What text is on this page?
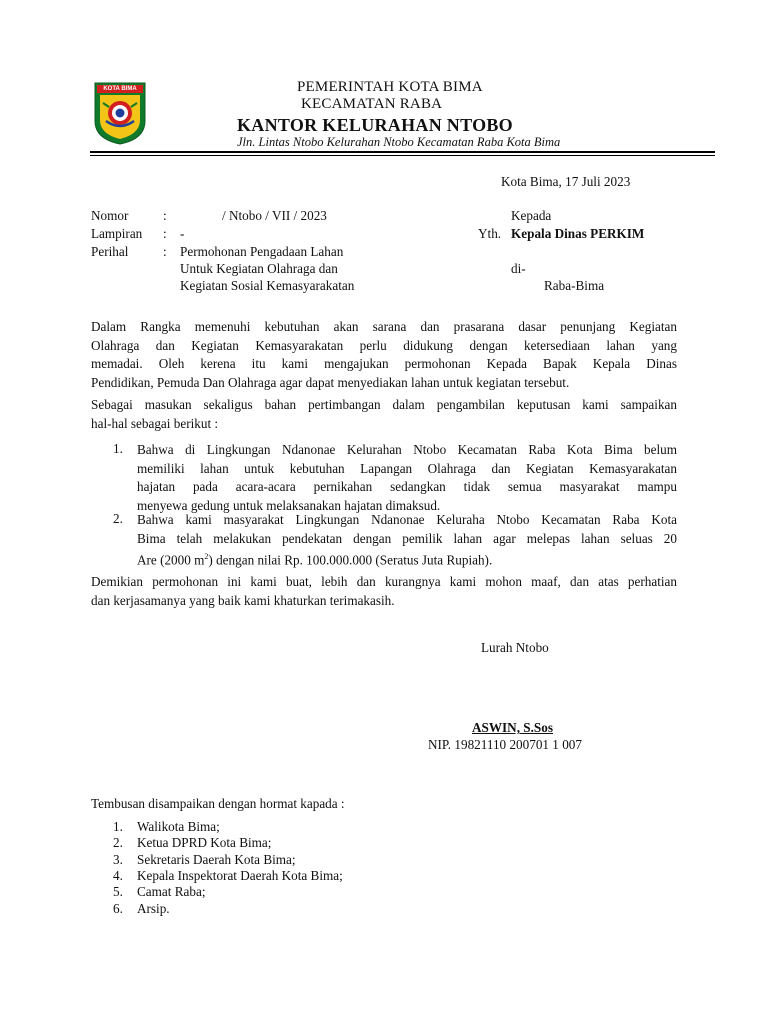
KOTA BIMA	PEMERINTAH KOTA BIMA
KECAMATAN RABA
KANTOR KELURAHAN NTOBO
Jln. Lintas Ntobo Kelurahan Ntobo Kecamatan Raba Kota Bima
Kota Bima, 17 Juli 2023
Nomor	:	/ Ntobo / VII / 2023
Lampiran : -
Perihal	: Permohonan Pengadaan Lahan
Untuk Kegiatan Olahraga dan
Kegiatan Sosial Kemasyarakatan
Kepada
Yth. Kepala Dinas PERKIM
di-
Raba-Bima
Dalam Rangka memenuhi kebutuhan akan sarana dan prasarana dasar penunjang Kegiatan
Olahraga dan Kegiatan Kemasyarakatan perlu didukung dengan ketersediaan lahan yang
memadai. Oleh kerena itu kami mengajukan permohonan Kepada Bapak Kepala Dinas
Pendidikan, Pemuda Dan Olahraga agar dapat menyediakan lahan untuk kegiatan tersebut.
Sebagai masukan sekaligus bahan pertimbangan dalam pengambilan keputusan kami sampaikan
hal-hal sebagai berikut :
1. Bahwa di Lingkungan Ndanonae Kelurahan Ntobo Kecamatan Raba Kota Bima belum
memiliki lahan untuk kebutuhan Lapangan Olahraga dan Kegiatan Kemasyarakatan
hajatan pada acara-acara pernikahan sedangkan tidak semua masyarakat mampu
menyewa gedung untuk melaksanakan hajatan dimaksud.
2. Bahwa kami masyarakat Lingkungan Ndanonae Keluraha Ntobo Kecamatan Raba Kota
Bima telah melakukan pendekatan dengan pemilik lahan agar melepas lahan seluas 20
Are (2000 $m^2$) dengan nilai Rp. 100.000.000 (Seratus Juta Rupiah).
Demikian permohonan ini kami buat, lebih dan kurangnya kami mohon maaf, dan atas perhatian
dan kerjasamanya yang baik kami khaturkan terimakasih.
Lurah Ntobo
ASWIN, S.Sos
NIP. 19821110 200701 1 007
Tembusan disampaikan dengan hormat kapada :
1. Walikota Bima;
2. Ketua DPRD Kota Bima;
3. Sekretaris Daerah Kota Bima;
4. Kepala Inspektorat Daerah Kota Bima;
5. Camat Raba;
6. Arsip.
